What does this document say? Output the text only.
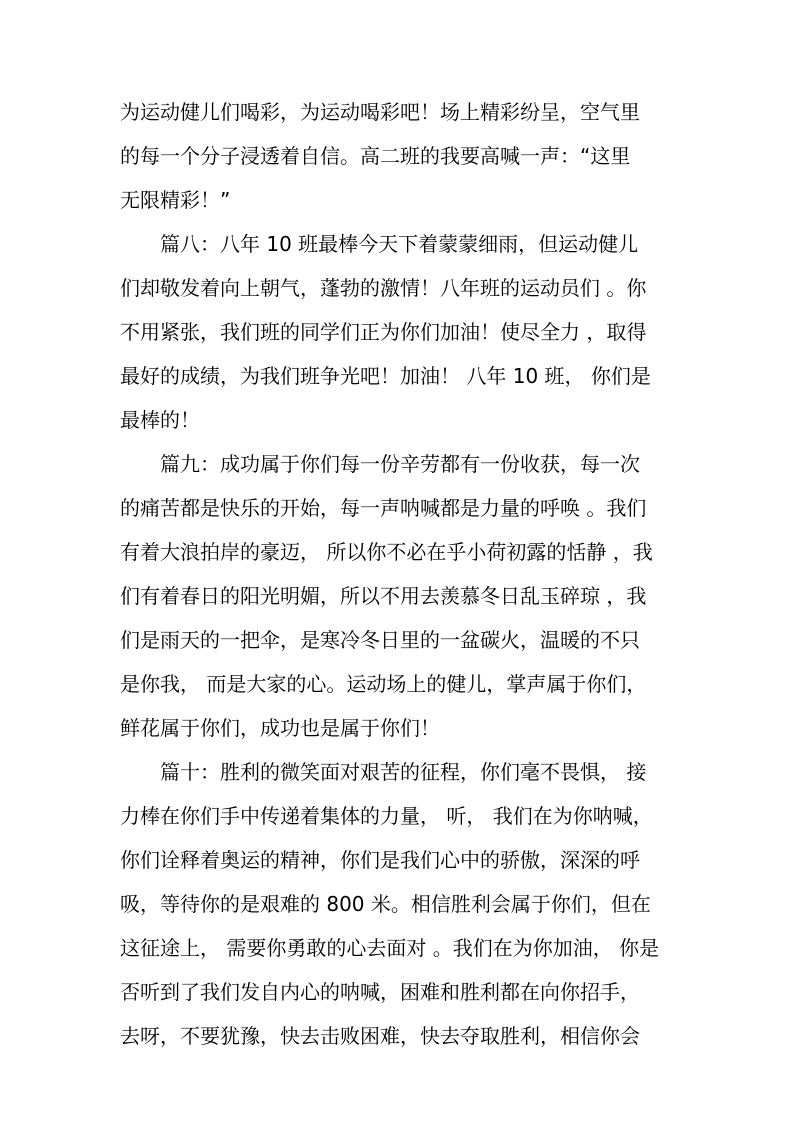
为运动健儿们喝彩，为运动喝彩吧！场上精彩纷呈，空气里
的每一个分子浸透着自信。高二班的我要高喊一声：“这里
无限精彩！”
篇八：八年 10 班最棒今天下着蒙蒙细雨，但运动健儿
们却敬发着向上朝气，蓬勃的激情！八年班的运动员们 。你
不用紧张，我们班的同学们正为你们加油！使尽全力 ，取得
最好的成绩，为我们班争光吧！加油！ 八年 10 班， 你们是
最棒的！
篇九：成功属于你们每一份辛劳都有一份收获，每一次
的痛苦都是快乐的开始，每一声呐喊都是力量的呼唤 。我们
有着大浪拍岸的豪迈， 所以你不必在乎小荷初露的恬静 ，我
们有着春日的阳光明媚，所以不用去羡慕冬日乱玉碎琼 ，我
们是雨天的一把伞，是寒冷冬日里的一盆碳火，温暖的不只
是你我， 而是大家的心。运动场上的健儿，掌声属于你们，
鲜花属于你们，成功也是属于你们！
篇十：胜利的微笑面对艰苦的征程，你们毫不畏惧， 接
力棒在你们手中传递着集体的力量， 听， 我们在为你呐喊，
你们诠释着奥运的精神，你们是我们心中的骄傲，深深的呼
吸，等待你的是艰难的 800 米。相信胜利会属于你们，但在
这征途上， 需要你勇敢的心去面对 。我们在为你加油， 你是
否听到了我们发自内心的呐喊，困难和胜利都在向你招手，
去呀，不要犹豫，快去击败困难，快去夺取胜利，相信你会
